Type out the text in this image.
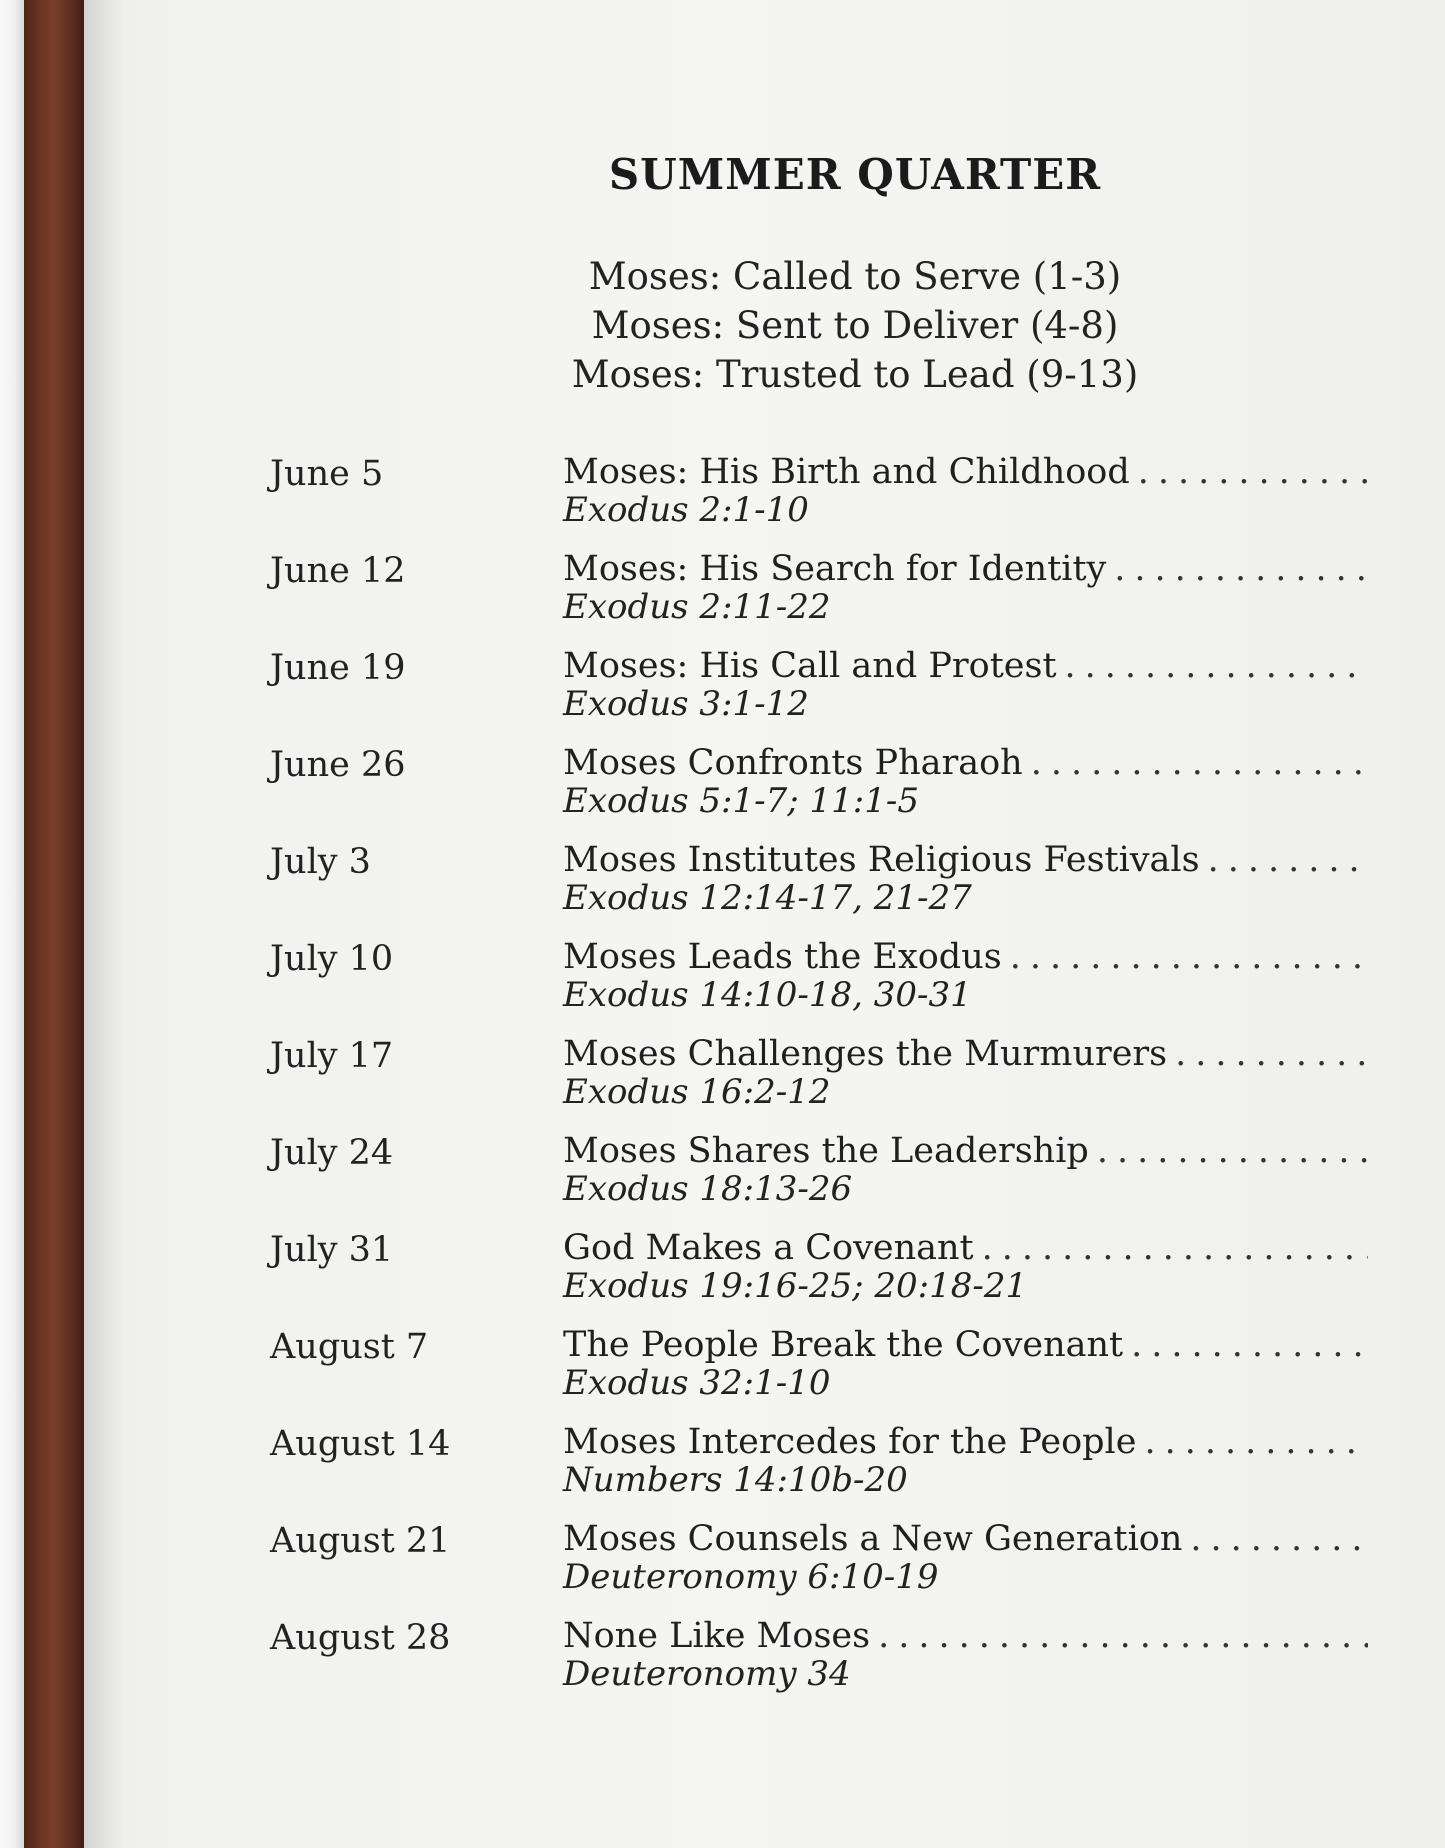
SUMMER QUARTER
Moses: Called to Serve (1-3)
Moses: Sent to Deliver (4-8)
Moses: Trusted to Lead (9-13)
June 5	Moses: His Birth and Childhood
.....
Exodus 2:1-10
June 12	Moses: His Search for Identity
.....
Exodus 2:11-22
June 19	Moses: His Call and Protest
.....
Exodus 3:1-12
June 26	Moses Confronts Pharaoh
.....
Exodus 5:1-7; 11:1-5
July 3	Moses Institutes Religious Festivals
.....
Exodus 12:14-17, 21-27
July 10	Moses Leads the Exodus
.....
Exodus 14:10-18, 30-31
July 17	Moses Challenges the Murmurers
.....
Exodus 16:2-12
July 24	Moses Shares the Leadership
.....
Exodus 18:13-26
July 31	God Makes a Covenant
.....
Exodus 19:16-25; 20:18-21
August 7	The People Break the Covenant
.....
Exodus 32:1-10
August 14	Moses Intercedes for the People
.....
Numbers 14:10b-20
August 21	Moses Counsels a New Generation
.....
Deuteronomy 6:10-19
August 28	None Like Moses
.....
Deuteronomy 34
